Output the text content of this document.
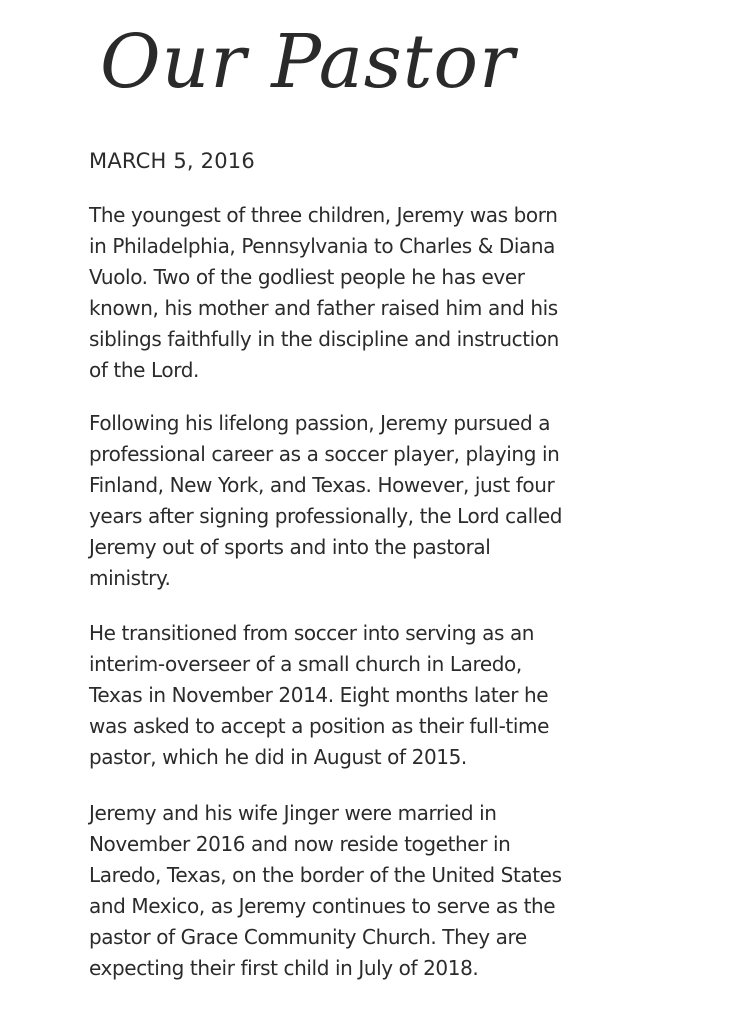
Our Pastor

MARCH 5, 2016

The youngest of three children, Jeremy was born
in Philadelphia, Pennsylvania to Charles & Diana
Vuolo. Two of the godliest people he has ever
known, his mother and father raised him and his
siblings faithfully in the discipline and instruction
of the Lord.

Following his lifelong passion, Jeremy pursued a
professional career as a soccer player, playing in
Finland, New York, and Texas. However, just four
years after signing professionally, the Lord called
Jeremy out of sports and into the pastoral
ministry.

He transitioned from soccer into serving as an
interim-overseer of a small church in Laredo,
Texas in November 2014. Eight months later he
was asked to accept a position as their full-time
pastor, which he did in August of 2015.

Jeremy and his wife Jinger were married in
November 2016 and now reside together in
Laredo, Texas, on the border of the United States
and Mexico, as Jeremy continues to serve as the
pastor of Grace Community Church. They are
expecting their first child in July of 2018.
